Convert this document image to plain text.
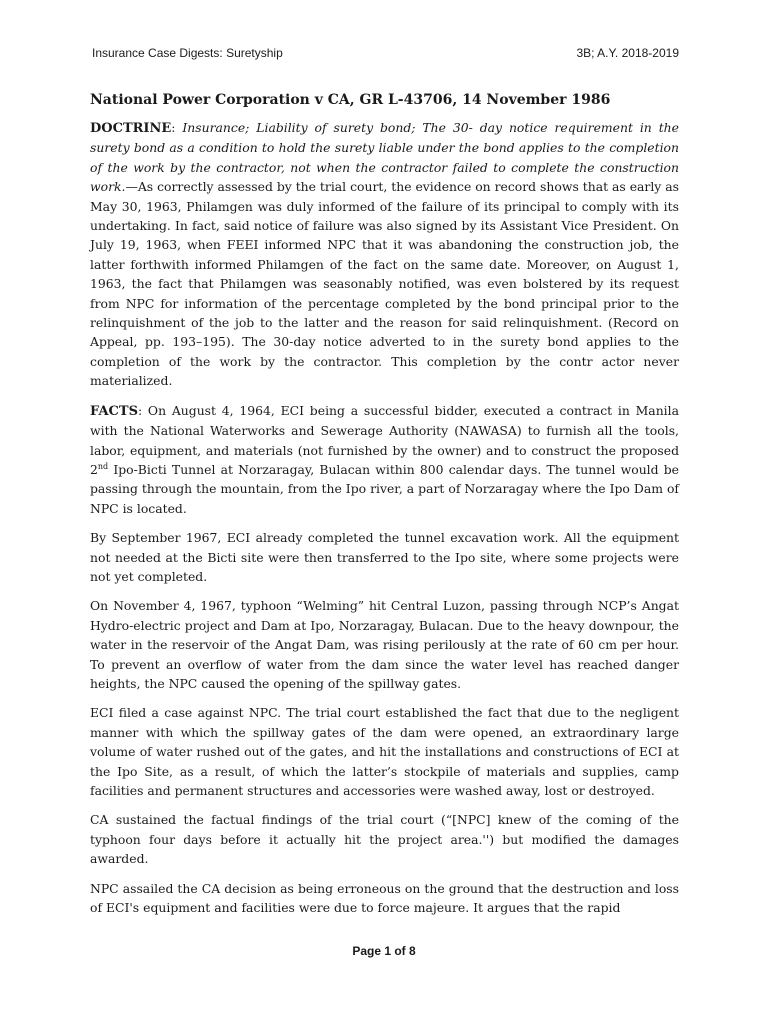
Insurance Case Digests: Suretyship	3B; A.Y. 2018-2019
National Power Corporation v CA, GR L-43706, 14 November 1986

DOCTRINE: Insurance; Liability of surety bond; The 30- day notice requirement in the surety bond as a condition to hold the surety liable under the bond applies to the completion of the work by the contractor, not when the contractor failed to complete the construction work.—As correctly assessed by the trial court, the evidence on record shows that as early as May 30, 1963, Philamgen was duly informed of the failure of its principal to comply with its undertaking. In fact, said notice of failure was also signed by its Assistant Vice President. On July 19, 1963, when FEEI informed NPC that it was abandoning the construction job, the latter forthwith informed Philamgen of the fact on the same date. Moreover, on August 1, 1963, the fact that Philamgen was seasonably notified, was even bolstered by its request from NPC for information of the percentage completed by the bond principal prior to the relinquishment of the job to the latter and the reason for said relinquishment. (Record on Appeal, pp. 193–195). The 30-day notice adverted to in the surety bond applies to the completion of the work by the contractor. This completion by the contr actor never materialized.

FACTS: On August 4, 1964, ECI being a successful bidder, executed a contract in Manila with the National Waterworks and Sewerage Authority (NAWASA) to furnish all the tools, labor, equipment, and materials (not furnished by the owner) and to construct the proposed 2nd Ipo-Bicti Tunnel at Norzaragay, Bulacan within 800 calendar days. The tunnel would be passing through the mountain, from the Ipo river, a part of Norzaragay where the Ipo Dam of NPC is located.

By September 1967, ECI already completed the tunnel excavation work. All the equipment not needed at the Bicti site were then transferred to the Ipo site, where some projects were not yet completed.

On November 4, 1967, typhoon “Welming” hit Central Luzon, passing through NCP’s Angat Hydro-electric project and Dam at Ipo, Norzaragay, Bulacan. Due to the heavy downpour, the water in the reservoir of the Angat Dam, was rising perilously at the rate of 60 cm per hour. To prevent an overflow of water from the dam since the water level has reached danger heights, the NPC caused the opening of the spillway gates.

ECI filed a case against NPC. The trial court established the fact that due to the negligent manner with which the spillway gates of the dam were opened, an extraordinary large volume of water rushed out of the gates, and hit the installations and constructions of ECI at the Ipo Site, as a result, of which the latter’s stockpile of materials and supplies, camp facilities and permanent structures and accessories were washed away, lost or destroyed.

CA sustained the factual findings of the trial court (“[NPC] knew of the coming of the typhoon four days before it actually hit the project area.'') but modified the damages awarded.

NPC assailed the CA decision as being erroneous on the ground that the destruction and loss of ECI's equipment and facilities were due to force majeure. It argues that the rapid

Page 1 of 8
